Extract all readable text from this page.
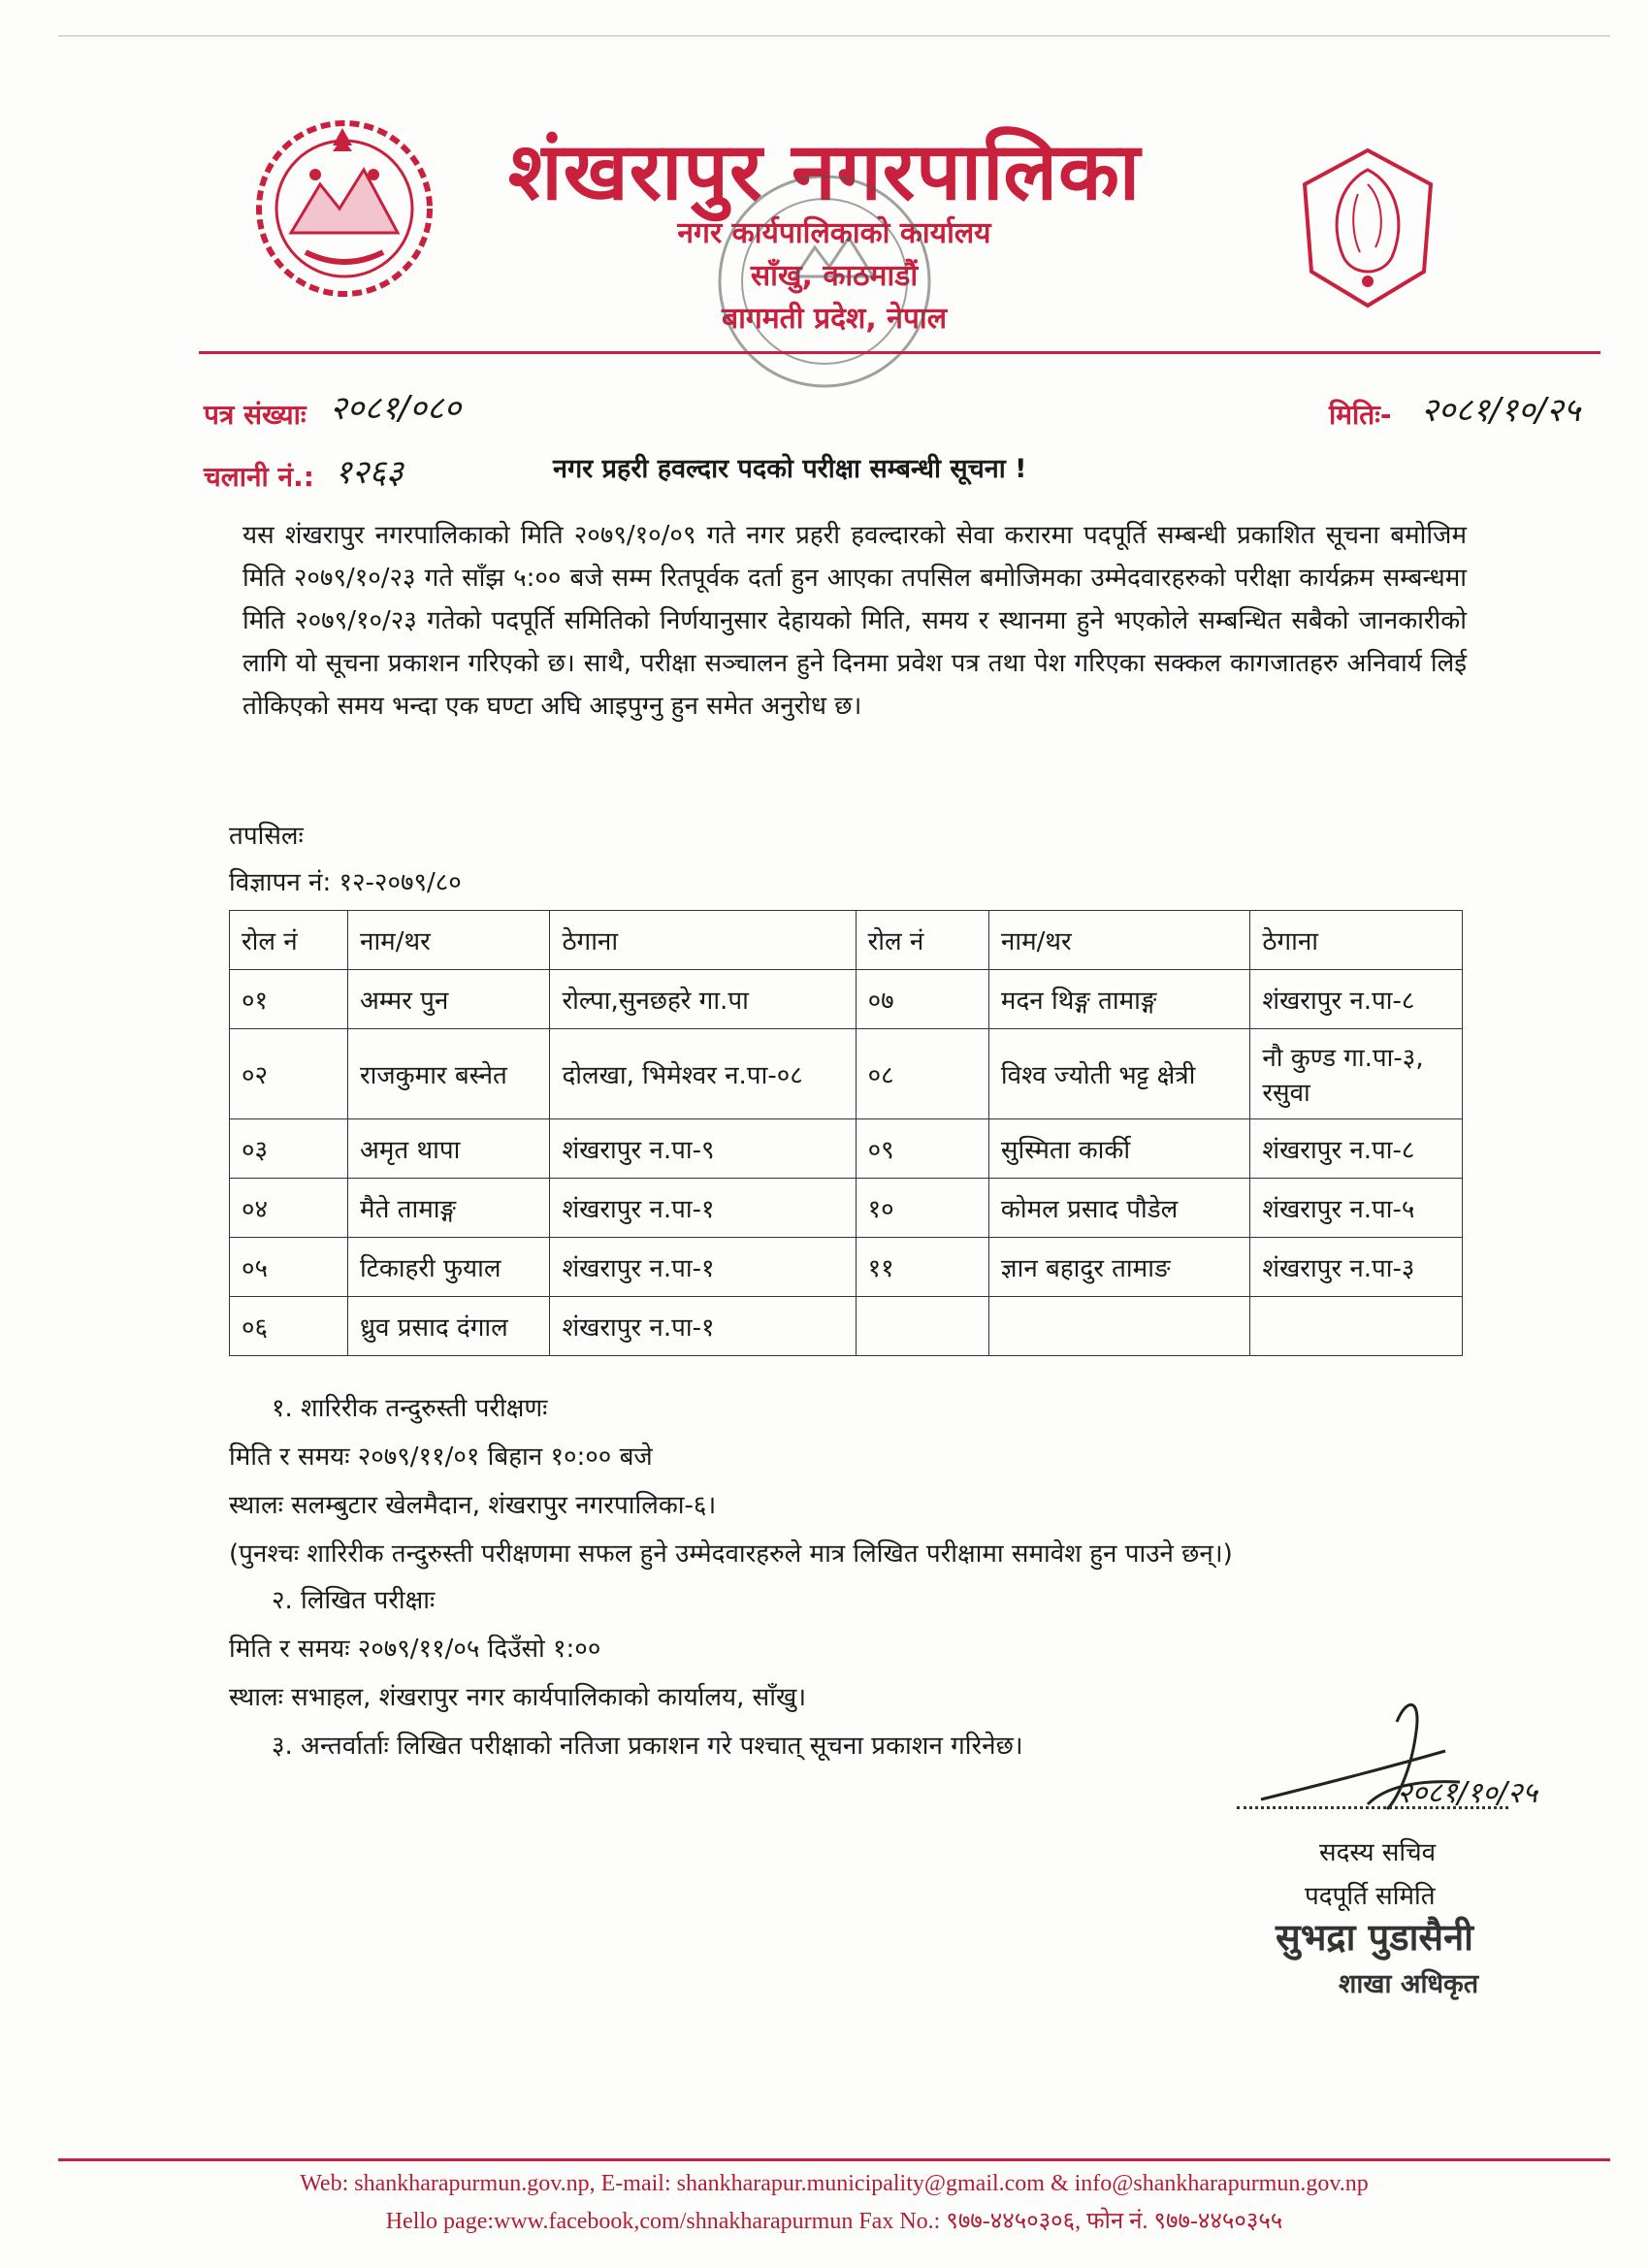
शंखरापुर नगरपालिका
नगर कार्यपालिकाको कार्यालय
साँखु, काठमाडौं
बागमती प्रदेश, नेपाल
पत्र संख्याः २०८१/०८०
चलानी नं.: १२६३
मितिः- २०८१/१०/२५
नगर प्रहरी हवल्दार पदको परीक्षा सम्बन्धी सूचना !

यस शंखरापुर नगरपालिकाको मिति २०७९/१०/०९ गते नगर प्रहरी हवल्दारको सेवा करारमा पदपूर्ति सम्बन्धी प्रकाशित सूचना बमोजिम मिति २०७९/१०/२३ गते साँझ ५:०० बजे सम्म रितपूर्वक दर्ता हुन आएका तपसिल बमोजिमका उम्मेदवारहरुको परीक्षा कार्यक्रम सम्बन्धमा मिति २०७९/१०/२३ गतेको पदपूर्ति समितिको निर्णयानुसार देहायको मिति, समय र स्थानमा हुने भएकोले सम्बन्धित सबैको जानकारीको लागि यो सूचना प्रकाशन गरिएको छ। साथै, परीक्षा सञ्चालन हुने दिनमा प्रवेश पत्र तथा पेश गरिएका सक्कल कागजातहरु अनिवार्य लिई तोकिएको समय भन्दा एक घण्टा अघि आइपुग्नु हुन समेत अनुरोध छ।

तपसिलः
विज्ञापन नं: १२-२०७९/८०
रोल नं	नाम/थर	ठेगाना	रोल नं	नाम/थर	ठेगाना
०१	अम्मर पुन	रोल्पा,सुनछहरे गा.पा	०७	मदन थिङ्ग तामाङ्ग	शंखरापुर न.पा-८
०२	राजकुमार बस्नेत	दोलखा, भिमेश्वर न.पा-०८	०८	विश्व ज्योती भट्ट क्षेत्री	नौ कुण्ड गा.पा-३, रसुवा
०३	अमृत थापा	शंखरापुर न.पा-९	०९	सुस्मिता कार्की	शंखरापुर न.पा-८
०४	मैते तामाङ्ग	शंखरापुर न.पा-१	१०	कोमल प्रसाद पौडेल	शंखरापुर न.पा-५
०५	टिकाहरी फुयाल	शंखरापुर न.पा-१	११	ज्ञान बहादुर तामाङ	शंखरापुर न.पा-३
०६	ध्रुव प्रसाद दंगाल	शंखरापुर न.पा-१			
१. शारिरीक तन्दुरुस्ती परीक्षणः
मिति र समयः २०७९/११/०१ बिहान १०:०० बजे
स्थालः सलम्बुटार खेलमैदान, शंखरापुर नगरपालिका-६।
(पुनश्चः शारिरीक तन्दुरुस्ती परीक्षणमा सफल हुने उम्मेदवारहरुले मात्र लिखित परीक्षामा समावेश हुन पाउने छन्।)
२. लिखित परीक्षाः
मिति र समयः २०७९/११/०५ दिउँसो १:००
स्थालः सभाहल, शंखरापुर नगर कार्यपालिकाको कार्यालय, साँखु।
३. अन्तर्वार्ताः लिखित परीक्षाको नतिजा प्रकाशन गरे पश्चात् सूचना प्रकाशन गरिनेछ।
२०८१/१०/२५
सदस्य सचिव
पदपूर्ति समिति
सुभद्रा पुडासैनी
शाखा अधिकृत
Web: shankharapurmun.gov.np, E-mail: shankharapur.municipality@gmail.com & info@shankharapurmun.gov.np
Hello page:www.facebook,com/shnakharapurmun Fax No.: ९७७-४४५०३०६, फोन नं. ९७७-४४५०३५५
